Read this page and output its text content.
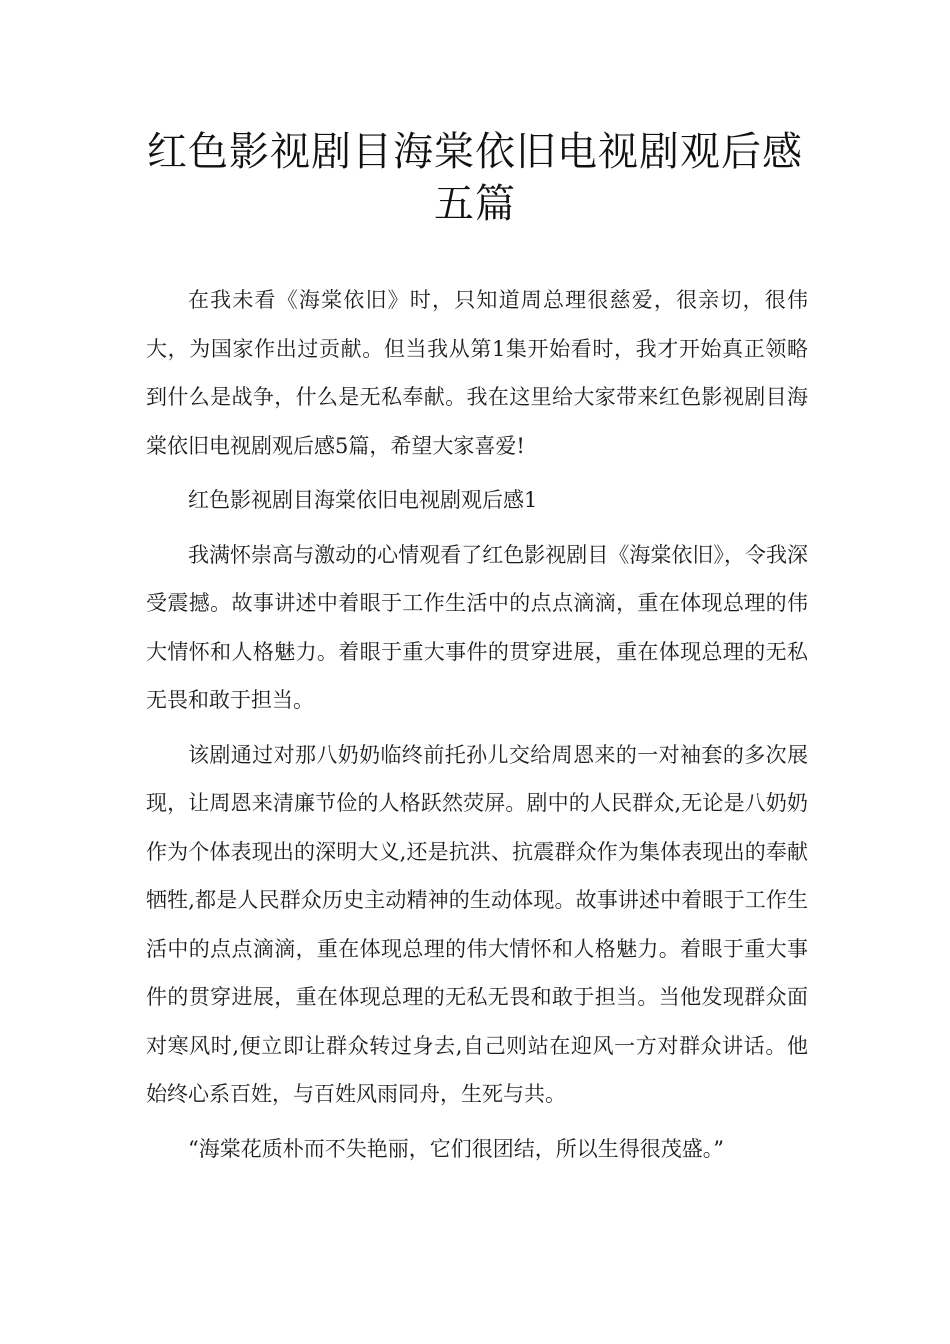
红色影视剧目海棠依旧电视剧观后感五篇

在我未看《海棠依旧》时，只知道周总理很慈爱，很亲切，很伟大，为国家作出过贡献。但当我从第1集开始看时，我才开始真正领略到什么是战争，什么是无私奉献。我在这里给大家带来红色影视剧目海棠依旧电视剧观后感5篇，希望大家喜爱!

红色影视剧目海棠依旧电视剧观后感1

我满怀崇高与激动的心情观看了红色影视剧目《海棠依旧》，令我深受震撼。故事讲述中着眼于工作生活中的点点滴滴，重在体现总理的伟大情怀和人格魅力。着眼于重大事件的贯穿进展，重在体现总理的无私无畏和敢于担当。

该剧通过对那八奶奶临终前托孙儿交给周恩来的一对袖套的多次展现，让周恩来清廉节俭的人格跃然荧屏。剧中的人民群众,无论是八奶奶作为个体表现出的深明大义,还是抗洪、抗震群众作为集体表现出的奉献牺牲,都是人民群众历史主动精神的生动体现。故事讲述中着眼于工作生活中的点点滴滴，重在体现总理的伟大情怀和人格魅力。着眼于重大事件的贯穿进展，重在体现总理的无私无畏和敢于担当。当他发现群众面对寒风时,便立即让群众转过身去,自己则站在迎风一方对群众讲话。他始终心系百姓，与百姓风雨同舟，生死与共。

“海棠花质朴而不失艳丽，它们很团结，所以生得很茂盛。”
